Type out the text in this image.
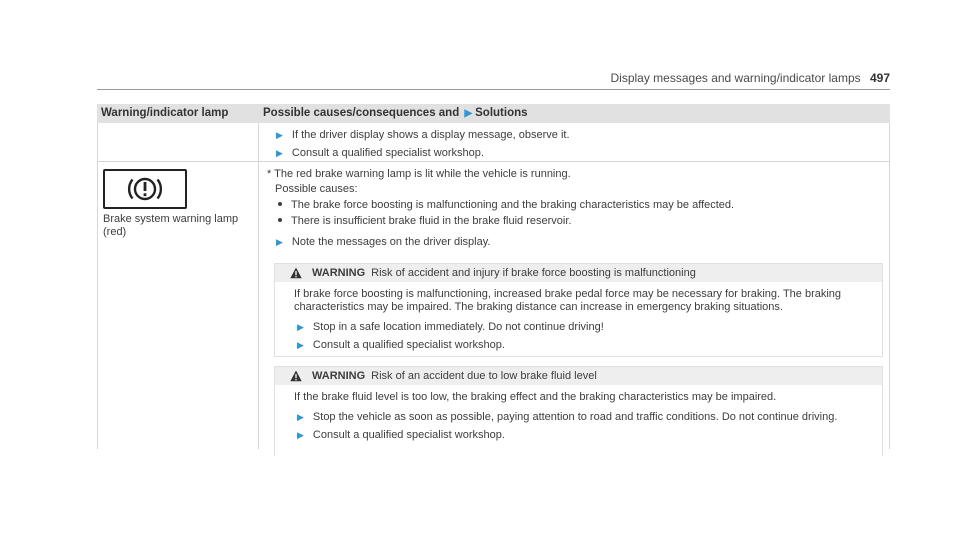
Display messages and warning/indicator lamps 497
Warning/indicator lamp	Possible causes/consequences and ▶ Solutions
▶ If the driver display shows a display message, observe it.
▶ Consult a qualified specialist workshop.
Brake system warning lamp
(red)
* The red brake warning lamp is lit while the vehicle is running.
Possible causes:
The brake force boosting is malfunctioning and the braking characteristics may be affected.
There is insufficient brake fluid in the brake fluid reservoir.
▶ Note the messages on the driver display.
WARNING Risk of accident and injury if brake force boosting is malfunctioning
If brake force boosting is malfunctioning, increased brake pedal force may be necessary for braking. The braking
characteristics may be impaired. The braking distance can increase in emergency braking situations.
▶ Stop in a safe location immediately. Do not continue driving!
▶ Consult a qualified specialist workshop.
WARNING Risk of an accident due to low brake fluid level
If the brake fluid level is too low, the braking effect and the braking characteristics may be impaired.
▶ Stop the vehicle as soon as possible, paying attention to road and traffic conditions. Do not continue driving.
▶ Consult a qualified specialist workshop.
